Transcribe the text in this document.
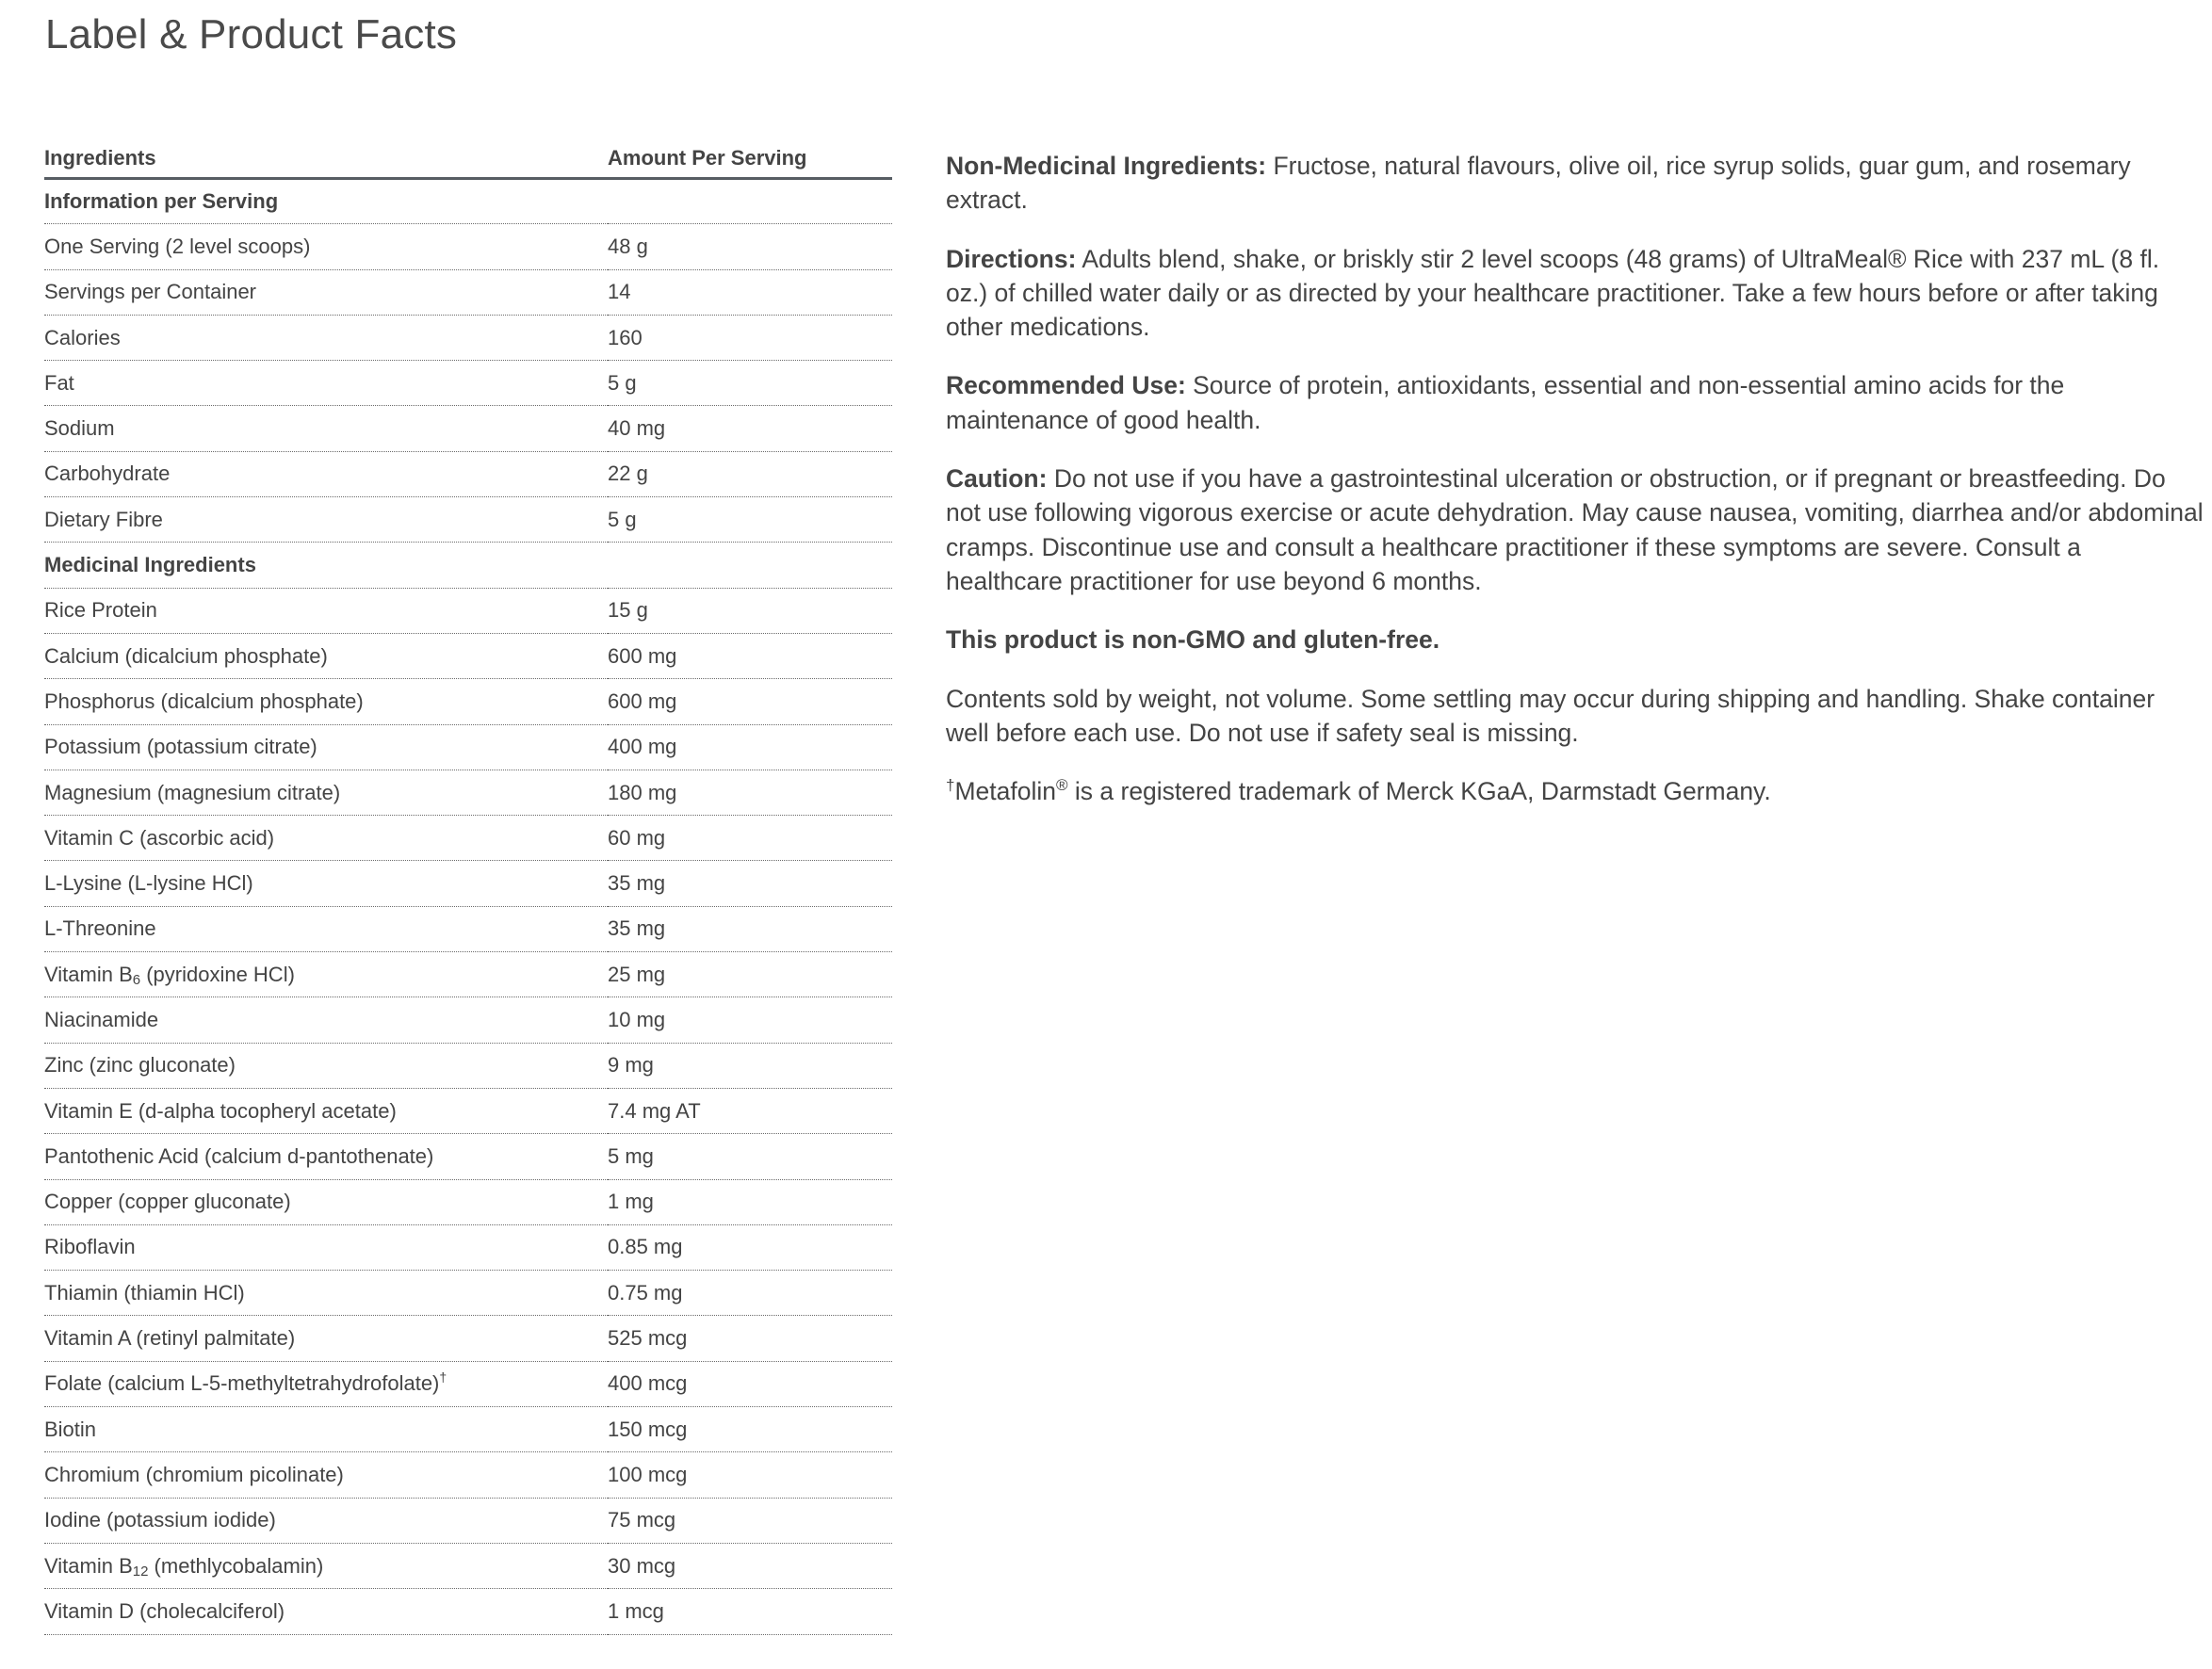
Label & Product Facts
Ingredients	Amount Per Serving
Information per Serving	
One Serving (2 level scoops)	48 g
Servings per Container	14
Calories	160
Fat	5 g
Sodium	40 mg
Carbohydrate	22 g
Dietary Fibre	5 g
Medicinal Ingredients	
Rice Protein	15 g
Calcium (dicalcium phosphate)	600 mg
Phosphorus (dicalcium phosphate)	600 mg
Potassium (potassium citrate)	400 mg
Magnesium (magnesium citrate)	180 mg
Vitamin C (ascorbic acid)	60 mg
L-Lysine (L-lysine HCl)	35 mg
L-Threonine	35 mg
Vitamin $B_6$ (pyridoxine HCl)	25 mg
Niacinamide	10 mg
Zinc (zinc gluconate)	9 mg
Vitamin E (d-alpha tocopheryl acetate)	7.4 mg AT
Pantothenic Acid (calcium d-pantothenate)	5 mg
Copper (copper gluconate)	1 mg
Riboflavin	0.85 mg
Thiamin (thiamin HCl)	0.75 mg
Vitamin A (retinyl palmitate)	525 mcg
Folate (calcium L-5-methyltetrahydrofolate)†	400 mcg
Biotin	150 mcg
Chromium (chromium picolinate)	100 mcg
Iodine (potassium iodide)	75 mcg
Vitamin $B_{12}$ (methlycobalamin)	30 mcg
Vitamin D (cholecalciferol)	1 mcg

Non-Medicinal Ingredients: Fructose, natural flavours, olive oil, rice syrup solids, guar gum, and rosemary extract.

Directions: Adults blend, shake, or briskly stir 2 level scoops (48 grams) of UltraMeal® Rice with 237 mL (8 fl. oz.) of chilled water daily or as directed by your healthcare practitioner. Take a few hours before or after taking other medications.

Recommended Use: Source of protein, antioxidants, essential and non-essential amino acids for the maintenance of good health.

Caution: Do not use if you have a gastrointestinal ulceration or obstruction, or if pregnant or breastfeeding. Do not use following vigorous exercise or acute dehydration. May cause nausea, vomiting, diarrhea and/or abdominal cramps. Discontinue use and consult a healthcare practitioner if these symptoms are severe. Consult a healthcare practitioner for use beyond 6 months.

This product is non-GMO and gluten-free.

Contents sold by weight, not volume. Some settling may occur during shipping and handling. Shake container well before each use. Do not use if safety seal is missing.

†Metafolin® is a registered trademark of Merck KGaA, Darmstadt Germany.
